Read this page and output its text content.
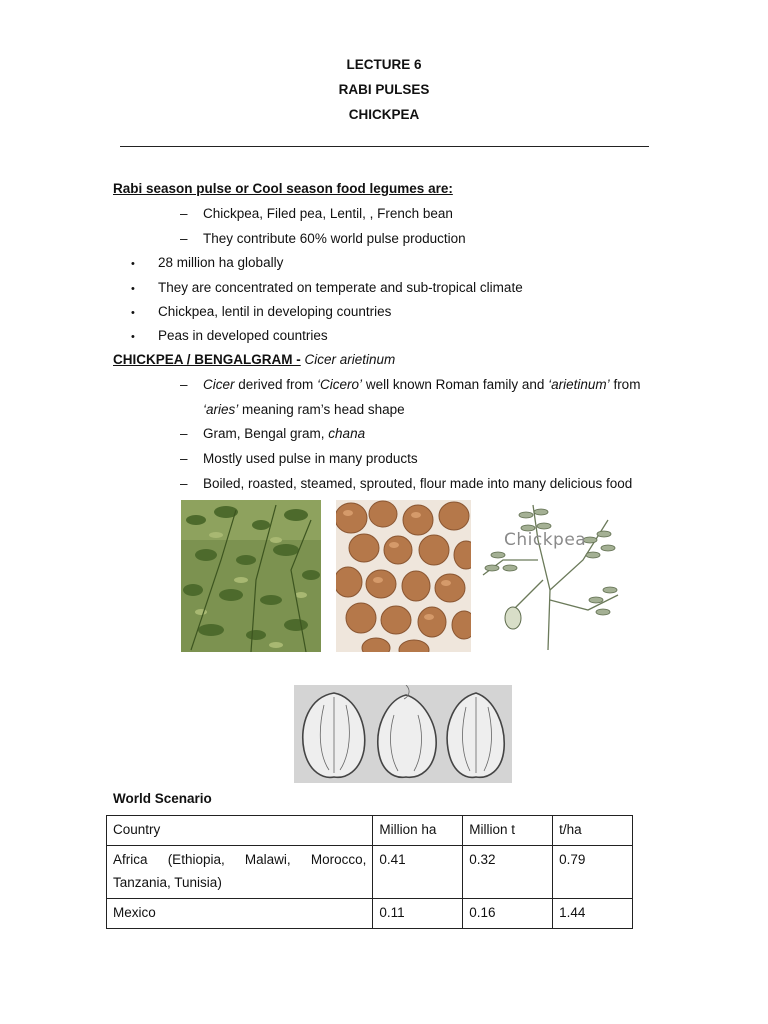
LECTURE 6
RABI PULSES
CHICKPEA
Rabi season pulse or Cool season food legumes are:
– Chickpea, Filed pea, Lentil, , French bean
– They contribute 60% world pulse production
• 28 million ha globally
• They are concentrated on temperate and sub-tropical climate
• Chickpea, lentil in developing countries
• Peas in developed countries
CHICKPEA / BENGALGRAM - Cicer arietinum
– Cicer derived from ‘Cicero’ well known Roman family and ‘arietinum’ from
‘aries’ meaning ram’s head shape
– Gram, Bengal gram, chana
– Mostly used pulse in many products
– Boiled, roasted, steamed, sprouted, flour made into many delicious food
Chickpea
World Scenario
Country	Million ha	Million t	t/ha

Africa (Ethiopia, Malawi, Morocco,
Tanzania, Tunisia)	0.41	0.32	0.79
Mexico	0.11	0.16	1.44
